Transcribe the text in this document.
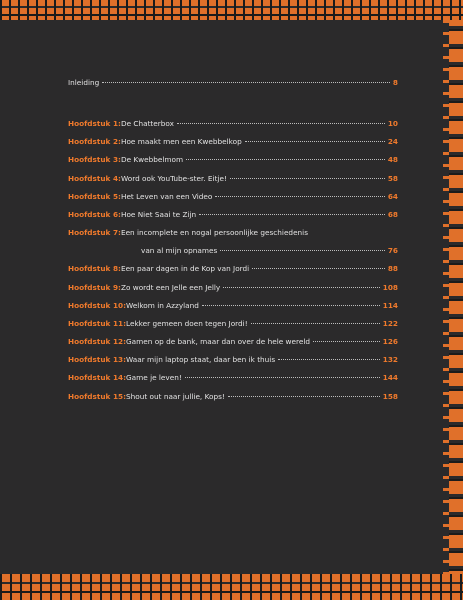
Inleiding	8
Hoofdstuk 1: De Chatterbox	10
Hoofdstuk 2: Hoe maakt men een Kwebbelkop	24
Hoofdstuk 3: De Kwebbelmom	48
Hoofdstuk 4: Word ook YouTube-ster. Eitje!	58
Hoofdstuk 5: Het Leven van een Video	64
Hoofdstuk 6: Hoe Niet Saai te Zijn	68
Hoofdstuk 7: Een incomplete en nogal persoonlijke geschiedenis
van al mijn opnames	76
Hoofdstuk 8: Een paar dagen in de Kop van Jordi	88
Hoofdstuk 9: Zo wordt een Jelle een Jelly	108
Hoofdstuk 10: Welkom in Azzyland	114
Hoofdstuk 11: Lekker gemeen doen tegen Jordi!	122
Hoofdstuk 12: Gamen op de bank, maar dan over de hele wereld	126
Hoofdstuk 13: Waar mijn laptop staat, daar ben ik thuis	132
Hoofdstuk 14: Game je leven!	144
Hoofdstuk 15: Shout out naar jullie, Kops!	158
